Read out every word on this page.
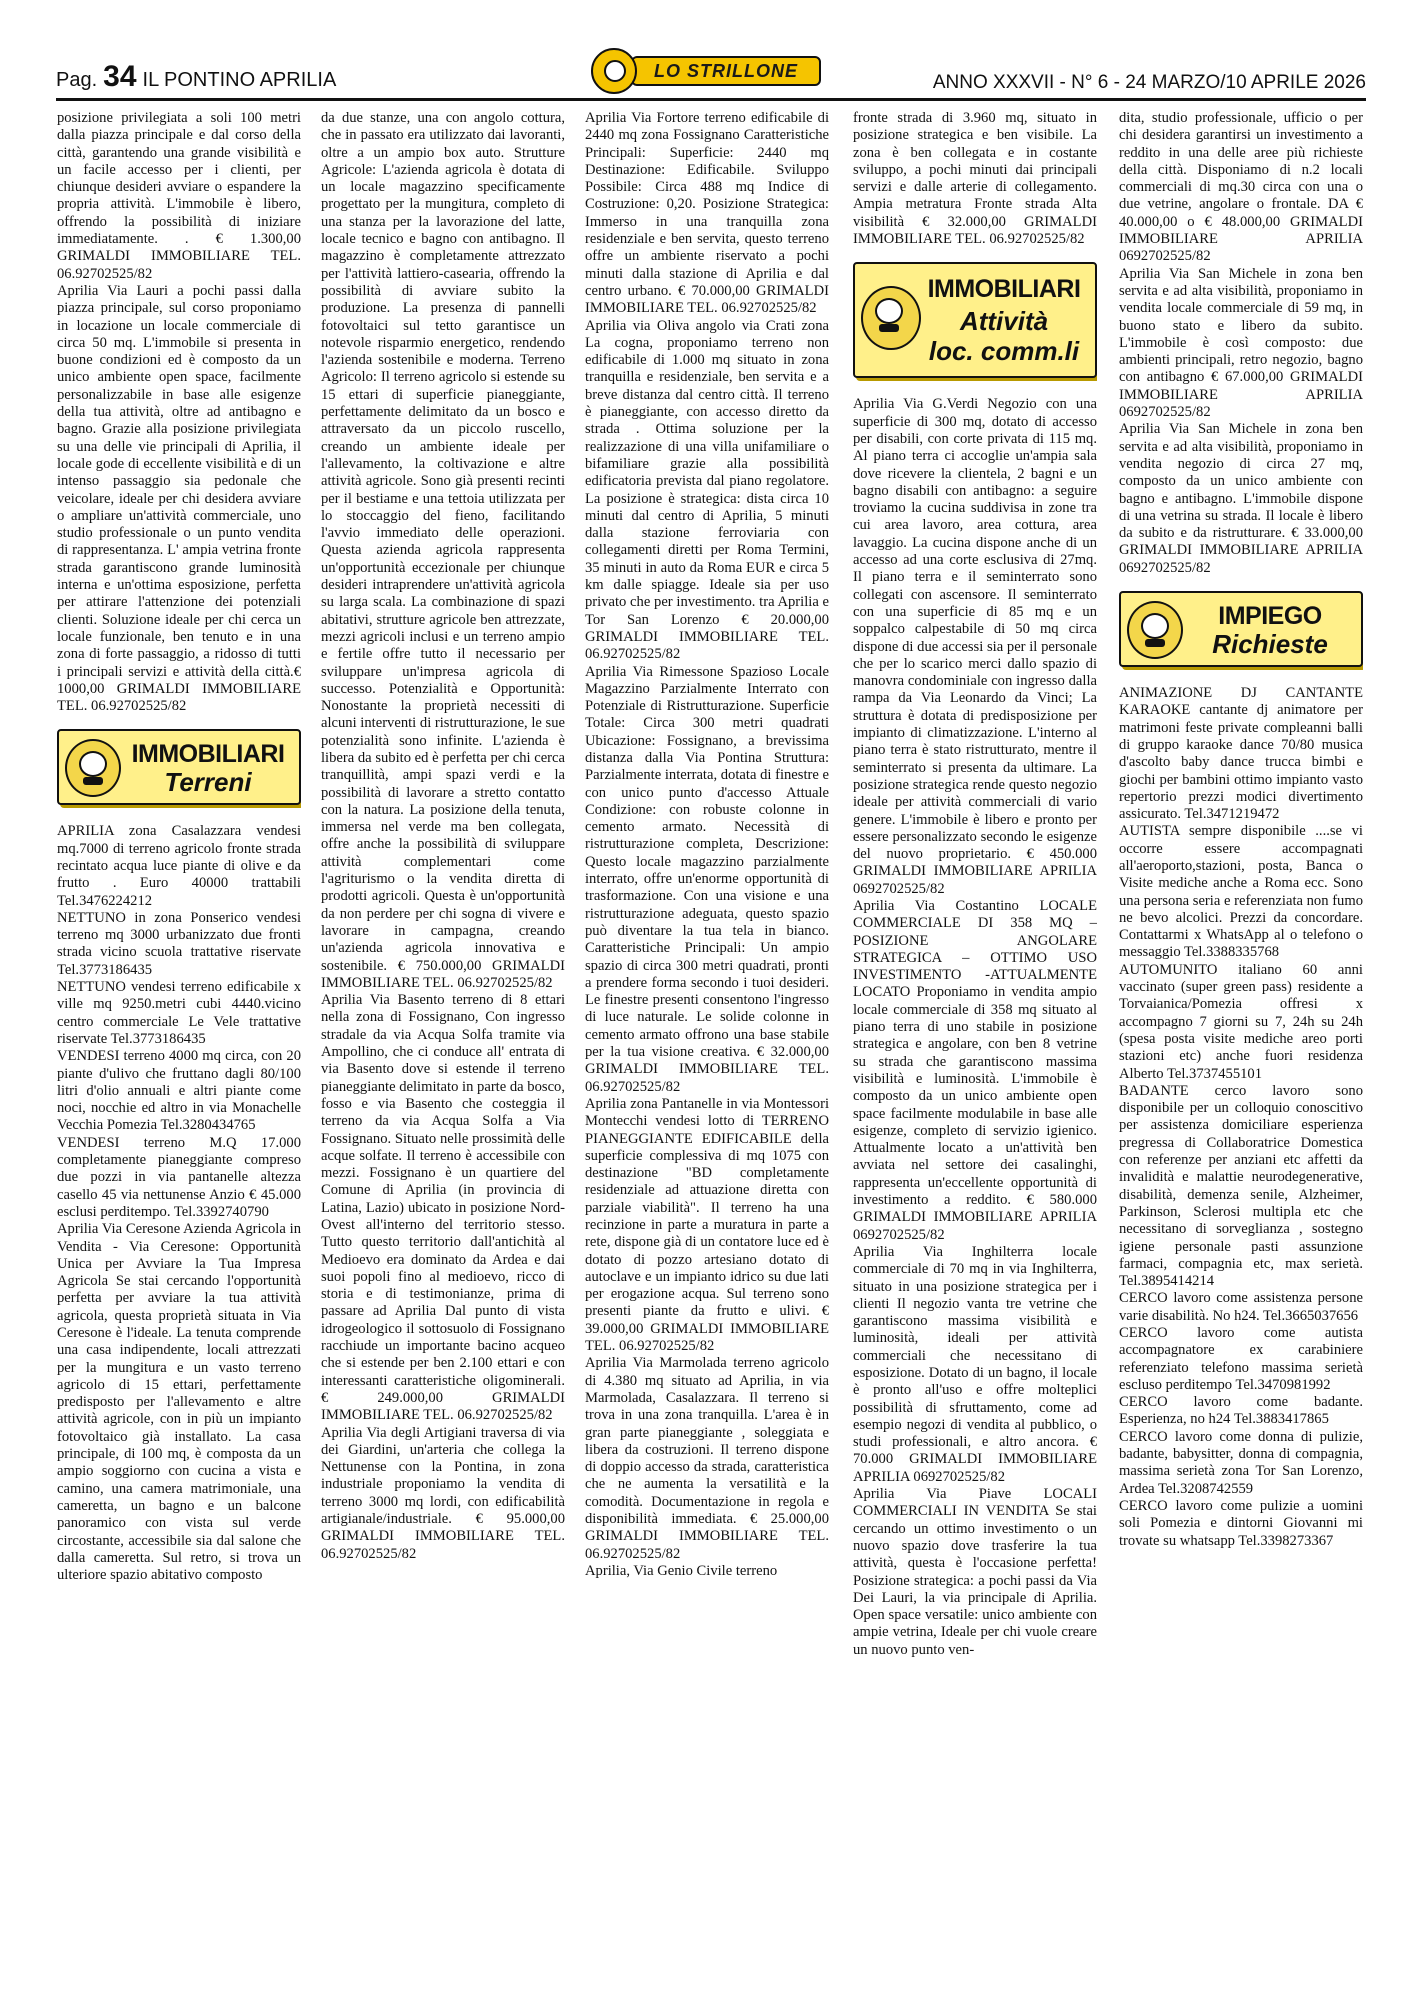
Pag. 34 IL PONTINO APRILIA	LO STRILLONE
ANNO XXXVII - N° 6 - 24 MARZO/10 APRILE 2026

posizione privilegiata a soli 100 metri dalla piazza principale e dal corso della città, garantendo una grande visibilità e un facile accesso per i clienti, per chiunque desideri avviare o espandere la propria attività. L'immobile è libero, offrendo la possibilità di iniziare immediatamente. . € 1.300,00 GRIMALDI IMMOBILIARE TEL. 06.92702525/82

Aprilia Via Lauri a pochi passi dalla piazza principale, sul corso proponiamo in locazione un locale commerciale di circa 50 mq. L'immobile si presenta in buone condizioni ed è composto da un unico ambiente open space, facilmente personalizzabile in base alle esigenze della tua attività, oltre ad antibagno e bagno. Grazie alla posizione privilegiata su una delle vie principali di Aprilia, il locale gode di eccellente visibilità e di un intenso passaggio sia pedonale che veicolare, ideale per chi desidera avviare o ampliare un'attività commerciale, uno studio professionale o un punto vendita di rappresentanza. L' ampia vetrina fronte strada garantiscono grande luminosità interna e un'ottima esposizione, perfetta per attirare l'attenzione dei potenziali clienti. Soluzione ideale per chi cerca un locale funzionale, ben tenuto e in una zona di forte passaggio, a ridosso di tutti i principali servizi e attività della città.€ 1000,00 GRIMALDI IMMOBILIARE TEL. 06.92702525/82

IMMOBILIARI
Terreni

APRILIA zona Casalazzara vendesi mq.7000 di terreno agricolo fronte strada recintato acqua luce piante di olive e da frutto . Euro 40000 trattabili Tel.3476224212

NETTUNO in zona Ponserico vendesi terreno mq 3000 urbanizzato due fronti strada vicino scuola trattative riservate Tel.3773186435

NETTUNO vendesi terreno edificabile x ville mq 9250.metri cubi 4440.vicino centro commerciale Le Vele trattative riservate Tel.3773186435

VENDESI terreno 4000 mq circa, con 20 piante d'ulivo che fruttano dagli 80/100 litri d'olio annuali e altri piante come noci, nocchie ed altro in via Monachelle Vecchia Pomezia Tel.3280434765

VENDESI terreno M.Q 17.000 completamente pianeggiante compreso due pozzi in via pantanelle altezza casello 45 via nettunense Anzio € 45.000 esclusi perditempo. Tel.3392740790

Aprilia Via Ceresone Azienda Agricola in Vendita - Via Ceresone: Opportunità Unica per Avviare la Tua Impresa Agricola Se stai cercando l'opportunità perfetta per avviare la tua attività agricola, questa proprietà situata in Via Ceresone è l'ideale. La tenuta comprende una casa indipendente, locali attrezzati per la mungitura e un vasto terreno agricolo di 15 ettari, perfettamente predisposto per l'allevamento e altre attività agricole, con in più un impianto fotovoltaico già installato. La casa principale, di 100 mq, è composta da un ampio soggiorno con cucina a vista e camino, una camera matrimoniale, una cameretta, un bagno e un balcone panoramico con vista sul verde circostante, accessibile sia dal salone che dalla cameretta. Sul retro, si trova un ulteriore spazio abitativo composto

da due stanze, una con angolo cottura, che in passato era utilizzato dai lavoranti, oltre a un ampio box auto. Strutture Agricole: L'azienda agricola è dotata di un locale magazzino specificamente progettato per la mungitura, completo di una stanza per la lavorazione del latte, locale tecnico e bagno con antibagno. Il magazzino è completamente attrezzato per l'attività lattiero-casearia, offrendo la possibilità di avviare subito la produzione. La presenza di pannelli fotovoltaici sul tetto garantisce un notevole risparmio energetico, rendendo l'azienda sostenibile e moderna. Terreno Agricolo: Il terreno agricolo si estende su 15 ettari di superficie pianeggiante, perfettamente delimitato da un bosco e attraversato da un piccolo ruscello, creando un ambiente ideale per l'allevamento, la coltivazione e altre attività agricole. Sono già presenti recinti per il bestiame e una tettoia utilizzata per lo stoccaggio del fieno, facilitando l'avvio immediato delle operazioni. Questa azienda agricola rappresenta un'opportunità eccezionale per chiunque desideri intraprendere un'attività agricola su larga scala. La combinazione di spazi abitativi, strutture agricole ben attrezzate, mezzi agricoli inclusi e un terreno ampio e fertile offre tutto il necessario per sviluppare un'impresa agricola di successo. Potenzialità e Opportunità: Nonostante la proprietà necessiti di alcuni interventi di ristrutturazione, le sue potenzialità sono infinite. L'azienda è libera da subito ed è perfetta per chi cerca tranquillità, ampi spazi verdi e la possibilità di lavorare a stretto contatto con la natura. La posizione della tenuta, immersa nel verde ma ben collegata, offre anche la possibilità di sviluppare attività complementari come l'agriturismo o la vendita diretta di prodotti agricoli. Questa è un'opportunità da non perdere per chi sogna di vivere e lavorare in campagna, creando un'azienda agricola innovativa e sostenibile. € 750.000,00 GRIMALDI IMMOBILIARE TEL. 06.92702525/82

Aprilia Via Basento terreno di 8 ettari nella zona di Fossignano, Con ingresso stradale da via Acqua Solfa tramite via Ampollino, che ci conduce all' entrata di via Basento dove si estende il terreno pianeggiante delimitato in parte da bosco, fosso e via Basento che costeggia il terreno da via Acqua Solfa a Via Fossignano. Situato nelle prossimità delle acque solfate. Il terreno è accessibile con mezzi. Fossignano è un quartiere del Comune di Aprilia (in provincia di Latina, Lazio) ubicato in posizione Nord-Ovest all'interno del territorio stesso. Tutto questo territorio dall'antichità al Medioevo era dominato da Ardea e dai suoi popoli fino al medioevo, ricco di storia e di testimonianze, prima di passare ad Aprilia Dal punto di vista idrogeologico il sottosuolo di Fossignano racchiude un importante bacino acqueo che si estende per ben 2.100 ettari e con interessanti caratteristiche oligominerali. € 249.000,00 GRIMALDI IMMOBILIARE TEL. 06.92702525/82

Aprilia Via degli Artigiani traversa di via dei Giardini, un'arteria che collega la Nettunense con la Pontina, in zona industriale proponiamo la vendita di terreno 3000 mq lordi, con edificabilità artigianale/industriale. € 95.000,00 GRIMALDI IMMOBILIARE TEL. 06.92702525/82

Aprilia Via Fortore terreno edificabile di 2440 mq zona Fossignano Caratteristiche Principali: Superficie: 2440 mq Destinazione: Edificabile. Sviluppo Possibile: Circa 488 mq Indice di Costruzione: 0,20. Posizione Strategica: Immerso in una tranquilla zona residenziale e ben servita, questo terreno offre un ambiente riservato a pochi minuti dalla stazione di Aprilia e dal centro urbano. € 70.000,00 GRIMALDI IMMOBILIARE TEL. 06.92702525/82

Aprilia via Oliva angolo via Crati zona La cogna, proponiamo terreno non edificabile di 1.000 mq situato in zona tranquilla e residenziale, ben servita e a breve distanza dal centro città. Il terreno è pianeggiante, con accesso diretto da strada . Ottima soluzione per la realizzazione di una villa unifamiliare o bifamiliare grazie alla possibilità edificatoria prevista dal piano regolatore. La posizione è strategica: dista circa 10 minuti dal centro di Aprilia, 5 minuti dalla stazione ferroviaria con collegamenti diretti per Roma Termini, 35 minuti in auto da Roma EUR e circa 5 km dalle spiagge. Ideale sia per uso privato che per investimento. tra Aprilia e Tor San Lorenzo € 20.000,00 GRIMALDI IMMOBILIARE TEL. 06.92702525/82

Aprilia Via Rimessone Spazioso Locale Magazzino Parzialmente Interrato con Potenziale di Ristrutturazione. Superficie Totale: Circa 300 metri quadrati Ubicazione: Fossignano, a brevissima distanza dalla Via Pontina Struttura: Parzialmente interrata, dotata di finestre e con unico punto d'accesso Attuale Condizione: con robuste colonne in cemento armato. Necessità di ristrutturazione completa, Descrizione: Questo locale magazzino parzialmente interrato, offre un'enorme opportunità di trasformazione. Con una visione e una ristrutturazione adeguata, questo spazio può diventare la tua tela in bianco. Caratteristiche Principali: Un ampio spazio di circa 300 metri quadrati, pronti a prendere forma secondo i tuoi desideri. Le finestre presenti consentono l'ingresso di luce naturale. Le solide colonne in cemento armato offrono una base stabile per la tua visione creativa. € 32.000,00 GRIMALDI IMMOBILIARE TEL. 06.92702525/82

Aprilia zona Pantanelle in via Montessori Montecchi vendesi lotto di TERRENO PIANEGGIANTE EDIFICABILE della superficie complessiva di mq 1075 con destinazione "BD completamente residenziale ad attuazione diretta con parziale viabilità". Il terreno ha una recinzione in parte a muratura in parte a rete, dispone già di un contatore luce ed è dotato di pozzo artesiano dotato di autoclave e un impianto idrico su due lati per erogazione acqua. Sul terreno sono presenti piante da frutto e ulivi. € 39.000,00 GRIMALDI IMMOBILIARE TEL. 06.92702525/82

Aprilia Via Marmolada terreno agricolo di 4.380 mq situato ad Aprilia, in via Marmolada, Casalazzara. Il terreno si trova in una zona tranquilla. L'area è in gran parte pianeggiante , soleggiata e libera da costruzioni. Il terreno dispone di doppio accesso da strada, caratteristica che ne aumenta la versatilità e la comodità. Documentazione in regola e disponibilità immediata. € 25.000,00 GRIMALDI IMMOBILIARE TEL. 06.92702525/82

Aprilia, Via Genio Civile terreno

fronte strada di 3.960 mq, situato in posizione strategica e ben visibile. La zona è ben collegata e in costante sviluppo, a pochi minuti dai principali servizi e dalle arterie di collegamento. Ampia metratura Fronte strada Alta visibilità € 32.000,00 GRIMALDI IMMOBILIARE TEL. 06.92702525/82

IMMOBILIARI
Attività
loc. comm.li

Aprilia Via G.Verdi Negozio con una superficie di 300 mq, dotato di accesso per disabili, con corte privata di 115 mq. Al piano terra ci accoglie un'ampia sala dove ricevere la clientela, 2 bagni e un bagno disabili con antibagno: a seguire troviamo la cucina suddivisa in zone tra cui area lavoro, area cottura, area lavaggio. La cucina dispone anche di un accesso ad una corte esclusiva di 27mq. Il piano terra e il seminterrato sono collegati con ascensore. Il seminterrato con una superficie di 85 mq e un soppalco calpestabile di 50 mq circa dispone di due accessi sia per il personale che per lo scarico merci dallo spazio di manovra condominiale con ingresso dalla rampa da Via Leonardo da Vinci; La struttura è dotata di predisposizione per impianto di climatizzazione. L'interno al piano terra è stato ristrutturato, mentre il seminterrato si presenta da ultimare. La posizione strategica rende questo negozio ideale per attività commerciali di vario genere. L'immobile è libero e pronto per essere personalizzato secondo le esigenze del nuovo proprietario. € 450.000 GRIMALDI IMMOBILIARE APRILIA 0692702525/82

Aprilia Via Costantino LOCALE COMMERCIALE DI 358 MQ – POSIZIONE ANGOLARE STRATEGICA – OTTIMO USO INVESTIMENTO -ATTUALMENTE LOCATO Proponiamo in vendita ampio locale commerciale di 358 mq situato al piano terra di uno stabile in posizione strategica e angolare, con ben 8 vetrine su strada che garantiscono massima visibilità e luminosità. L'immobile è composto da un unico ambiente open space facilmente modulabile in base alle esigenze, completo di servizio igienico. Attualmente locato a un'attività ben avviata nel settore dei casalinghi, rappresenta un'eccellente opportunità di investimento a reddito. € 580.000 GRIMALDI IMMOBILIARE APRILIA 0692702525/82

Aprilia Via Inghilterra locale commerciale di 70 mq in via Inghilterra, situato in una posizione strategica per i clienti Il negozio vanta tre vetrine che garantiscono massima visibilità e luminosità, ideali per attività commerciali che necessitano di esposizione. Dotato di un bagno, il locale è pronto all'uso e offre molteplici possibilità di sfruttamento, come ad esempio negozi di vendita al pubblico, o studi professionali, e altro ancora. € 70.000 GRIMALDI IMMOBILIARE APRILIA 0692702525/82

Aprilia Via Piave LOCALI COMMERCIALI IN VENDITA Se stai cercando un ottimo investimento o un nuovo spazio dove trasferire la tua attività, questa è l'occasione perfetta! Posizione strategica: a pochi passi da Via Dei Lauri, la via principale di Aprilia. Open space versatile: unico ambiente con ampie vetrina, Ideale per chi vuole creare un nuovo punto ven-

dita, studio professionale, ufficio o per chi desidera garantirsi un investimento a reddito in una delle aree più richieste della città. Disponiamo di n.2 locali commerciali di mq.30 circa con una o due vetrine, angolare o frontale. DA € 40.000,00 o € 48.000,00 GRIMALDI IMMOBILIARE APRILIA 0692702525/82

Aprilia Via San Michele in zona ben servita e ad alta visibilità, proponiamo in vendita locale commerciale di 59 mq, in buono stato e libero da subito. L'immobile è così composto: due ambienti principali, retro negozio, bagno con antibagno € 67.000,00 GRIMALDI IMMOBILIARE APRILIA 0692702525/82

Aprilia Via San Michele in zona ben servita e ad alta visibilità, proponiamo in vendita negozio di circa 27 mq, composto da un unico ambiente con bagno e antibagno. L'immobile dispone di una vetrina su strada. Il locale è libero da subito e da ristrutturare. € 33.000,00 GRIMALDI IMMOBILIARE APRILIA 0692702525/82

IMPIEGO
Richieste

ANIMAZIONE DJ CANTANTE KARAOKE cantante dj animatore per matrimoni feste private compleanni balli di gruppo karaoke dance 70/80 musica d'ascolto baby dance trucca bimbi e giochi per bambini ottimo impianto vasto repertorio prezzi modici divertimento assicurato. Tel.3471219472

AUTISTA sempre disponibile ....se vi occorre essere accompagnati all'aeroporto,stazioni, posta, Banca o Visite mediche anche a Roma ecc. Sono una persona seria e referenziata non fumo ne bevo alcolici. Prezzi da concordare. Contattarmi x WhatsApp al o telefono o messaggio Tel.3388335768

AUTOMUNITO italiano 60 anni vaccinato (super green pass) residente a Torvaianica/Pomezia offresi x accompagno 7 giorni su 7, 24h su 24h (spesa posta visite mediche areo porti stazioni etc) anche fuori residenza Alberto Tel.3737455101

BADANTE cerco lavoro sono disponibile per un colloquio conoscitivo per assistenza domiciliare esperienza pregressa di Collaboratrice Domestica con referenze per anziani etc affetti da invalidità e malattie neurodegenerative, disabilità, demenza senile, Alzheimer, Parkinson, Sclerosi multipla etc che necessitano di sorveglianza , sostegno igiene personale pasti assunzione farmaci, compagnia etc, max serietà. Tel.3895414214

CERCO lavoro come assistenza persone varie disabilità. No h24. Tel.3665037656

CERCO lavoro come autista accompagnatore ex carabiniere referenziato telefono massima serietà escluso perditempo Tel.3470981992

CERCO lavoro come badante. Esperienza, no h24 Tel.3883417865

CERCO lavoro come donna di pulizie, badante, babysitter, donna di compagnia, massima serietà zona Tor San Lorenzo, Ardea Tel.3208742559

CERCO lavoro come pulizie a uomini soli Pomezia e dintorni Giovanni mi trovate su whatsapp Tel.3398273367
